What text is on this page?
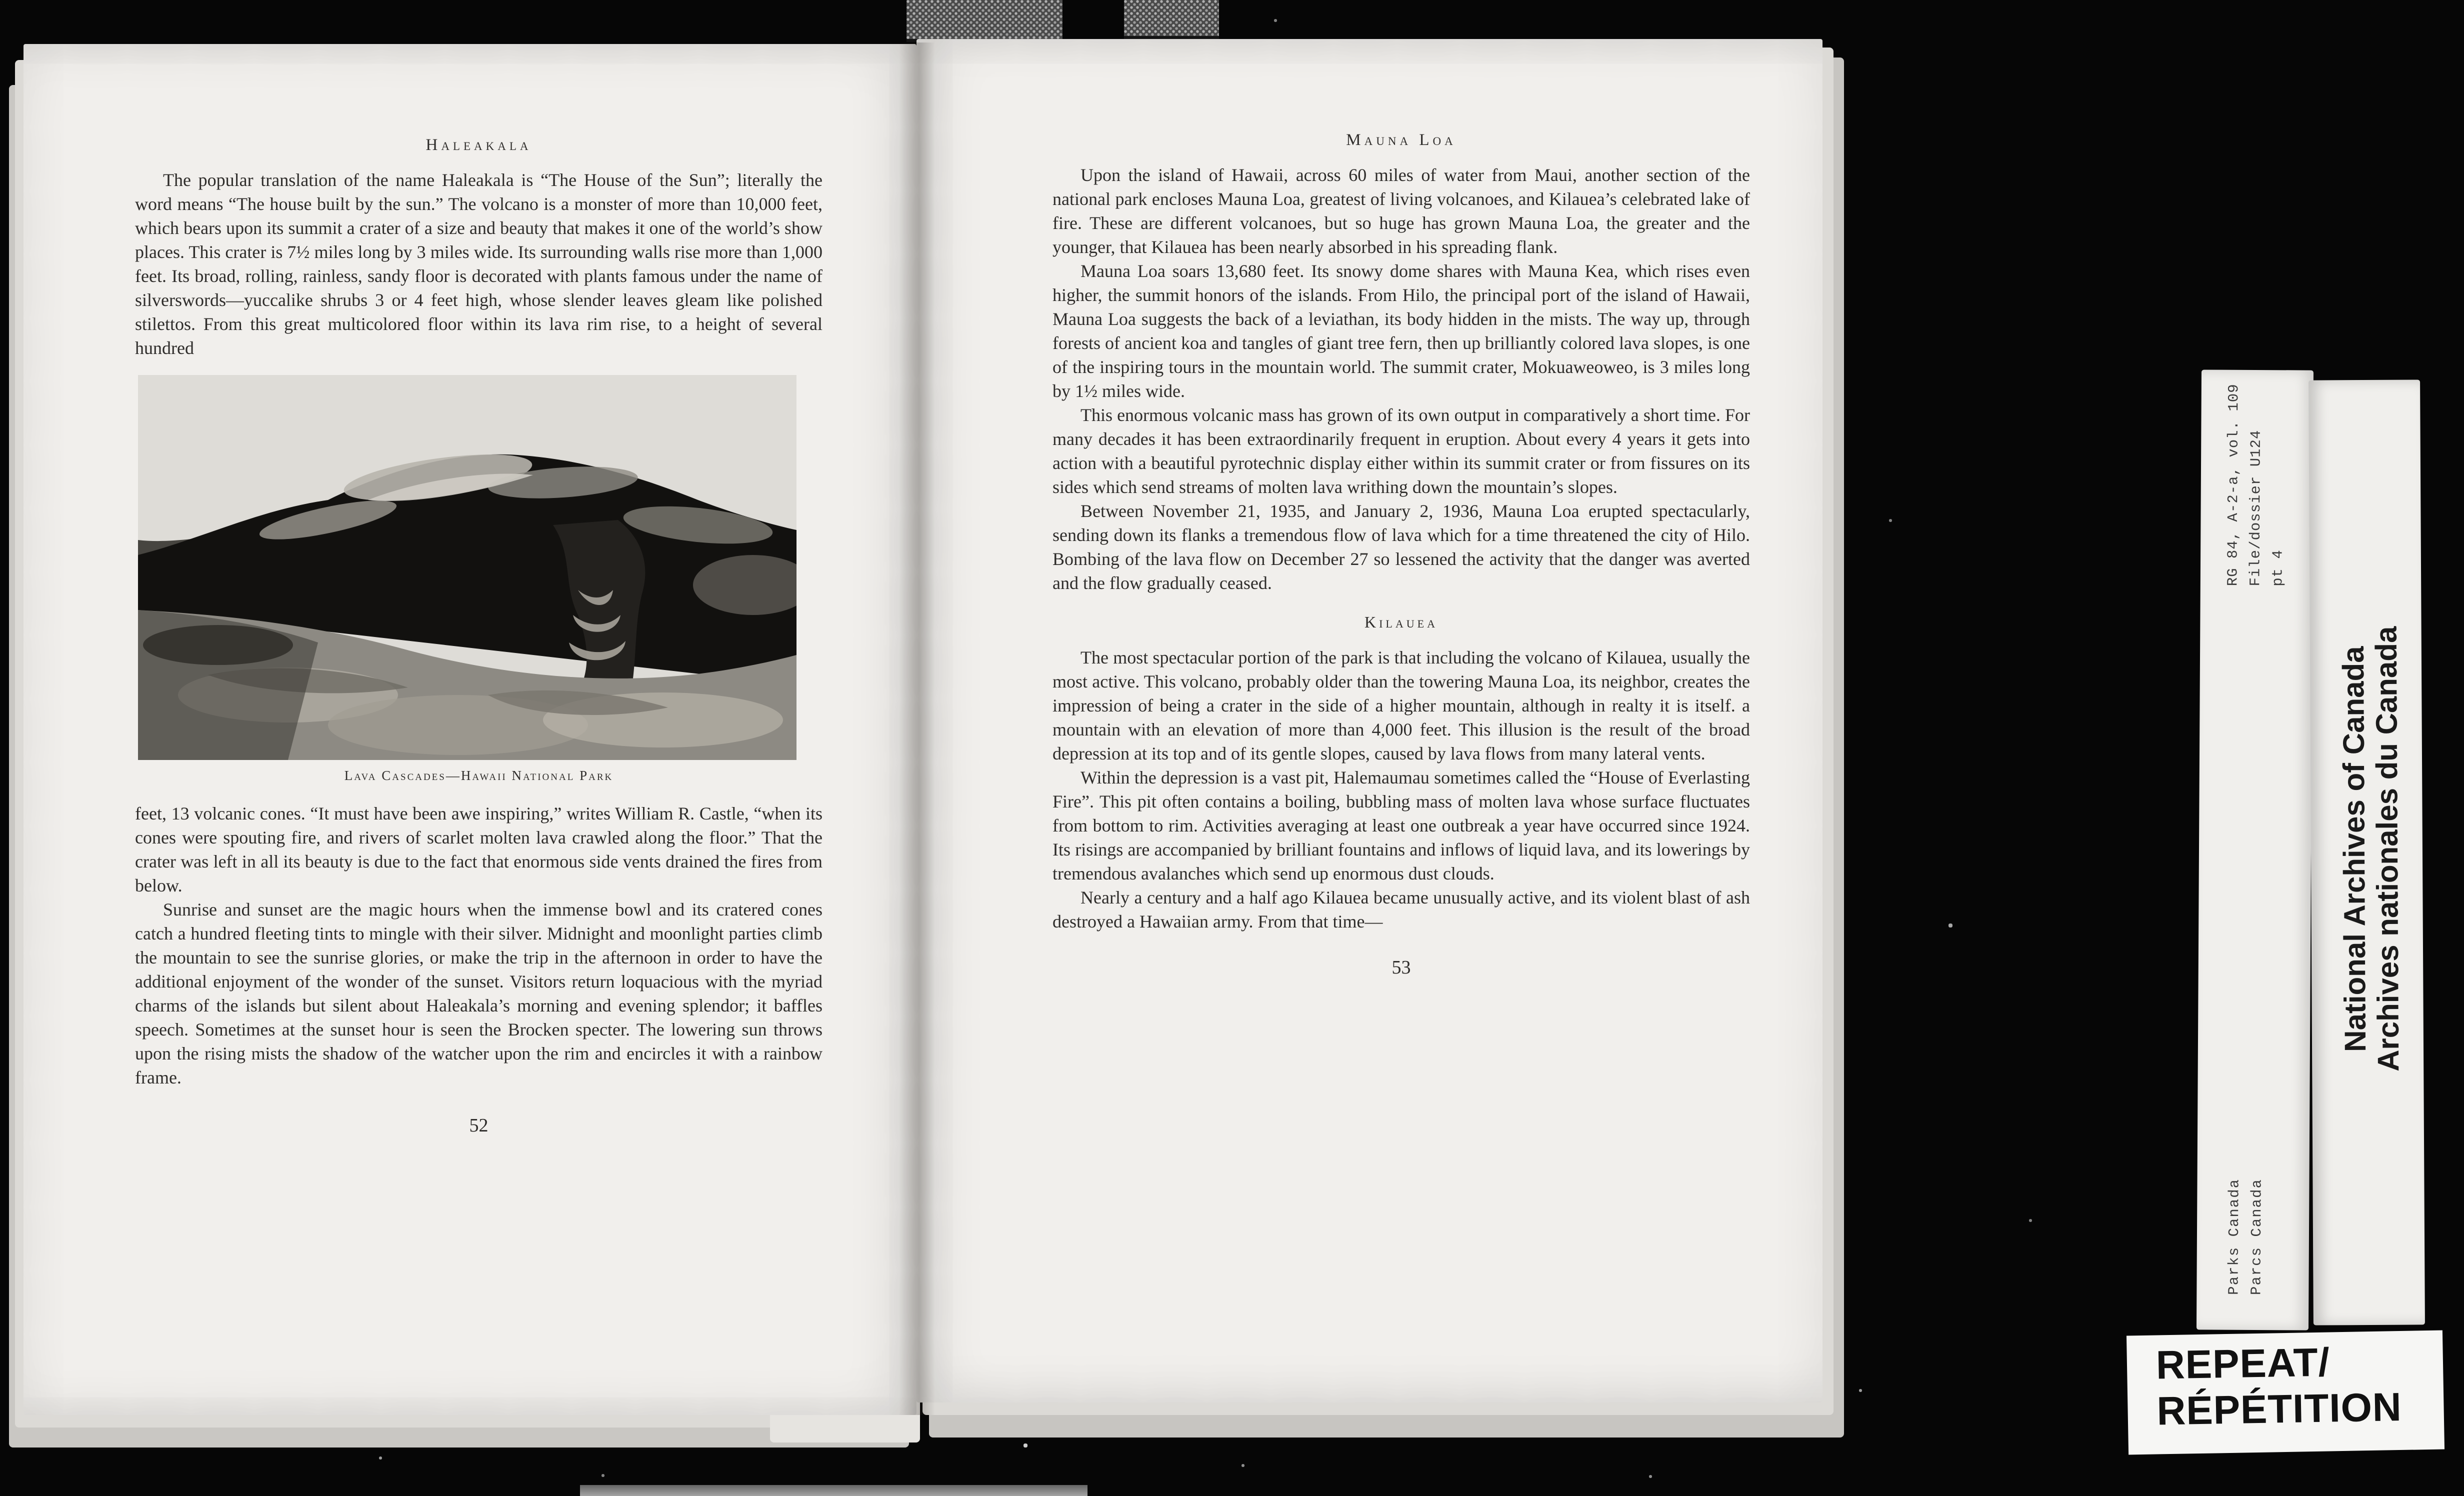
Haleakala

The popular translation of the name Haleakala is “The House of the Sun”; literally the word means “The house built by the sun.” The volcano is a monster of more than 10,000 feet, which bears upon its summit a crater of a size and beauty that makes it one of the world’s show places. This crater is 7½ miles long by 3 miles wide. Its surrounding walls rise more than 1,000 feet. Its broad, rolling, rainless, sandy floor is decorated with plants famous under the name of silverswords—yuccalike shrubs 3 or 4 feet high, whose slender leaves gleam like polished stilettos. From this great multicolored floor within its lava rim rise, to a height of several hundred

Lava Cascades—Hawaii National Park

feet, 13 volcanic cones. “It must have been awe inspiring,” writes William R. Castle, “when its cones were spouting fire, and rivers of scarlet molten lava crawled along the floor.” That the crater was left in all its beauty is due to the fact that enormous side vents drained the fires from below.

Sunrise and sunset are the magic hours when the immense bowl and its cratered cones catch a hundred fleeting tints to mingle with their silver. Midnight and moonlight parties climb the mountain to see the sunrise glories, or make the trip in the afternoon in order to have the additional enjoyment of the wonder of the sunset. Visitors return loquacious with the myriad charms of the islands but silent about Haleakala’s morning and evening splendor; it baffles speech. Sometimes at the sunset hour is seen the Brocken specter. The lowering sun throws upon the rising mists the shadow of the watcher upon the rim and encircles it with a rainbow frame.

52
Mauna Loa

Upon the island of Hawaii, across 60 miles of water from Maui, another section of the national park encloses Mauna Loa, greatest of living volcanoes, and Kilauea’s celebrated lake of fire. These are different volcanoes, but so huge has grown Mauna Loa, the greater and the younger, that Kilauea has been nearly absorbed in his spreading flank.

Mauna Loa soars 13,680 feet. Its snowy dome shares with Mauna Kea, which rises even higher, the summit honors of the islands. From Hilo, the principal port of the island of Hawaii, Mauna Loa suggests the back of a leviathan, its body hidden in the mists. The way up, through forests of ancient koa and tangles of giant tree fern, then up brilliantly colored lava slopes, is one of the inspiring tours in the mountain world. The summit crater, Mokuaweoweo, is 3 miles long by 1½ miles wide.

This enormous volcanic mass has grown of its own output in comparatively a short time. For many decades it has been extraordinarily frequent in eruption. About every 4 years it gets into action with a beautiful pyrotechnic display either within its summit crater or from fissures on its sides which send streams of molten lava writhing down the mountain’s slopes.

Between November 21, 1935, and January 2, 1936, Mauna Loa erupted spectacularly, sending down its flanks a tremendous flow of lava which for a time threatened the city of Hilo. Bombing of the lava flow on December 27 so lessened the activity that the danger was averted and the flow gradually ceased.

Kilauea

The most spectacular portion of the park is that including the volcano of Kilauea, usually the most active. This volcano, probably older than the towering Mauna Loa, its neighbor, creates the impression of being a crater in the side of a higher mountain, although in realty it is itself. a mountain with an elevation of more than 4,000 feet. This illusion is the result of the broad depression at its top and of its gentle slopes, caused by lava flows from many lateral vents.

Within the depression is a vast pit, Halemaumau sometimes called the “House of Everlasting Fire”. This pit often contains a boiling, bubbling mass of molten lava whose surface fluctuates from bottom to rim. Activities averaging at least one outbreak a year have occurred since 1924. Its risings are accompanied by brilliant fountains and inflows of liquid lava, and its lowerings by tremendous avalanches which send up enormous dust clouds.

Nearly a century and a half ago Kilauea became unusually active, and its violent blast of ash destroyed a Hawaiian army. From that time—

53
RG 84, A-2-a, vol. 109 File/dossier U124 pt 4
Parks Canada Parcs Canada
National Archives of Canada
Archives nationales du Canada
REPEAT/
RÉPÉTITION
